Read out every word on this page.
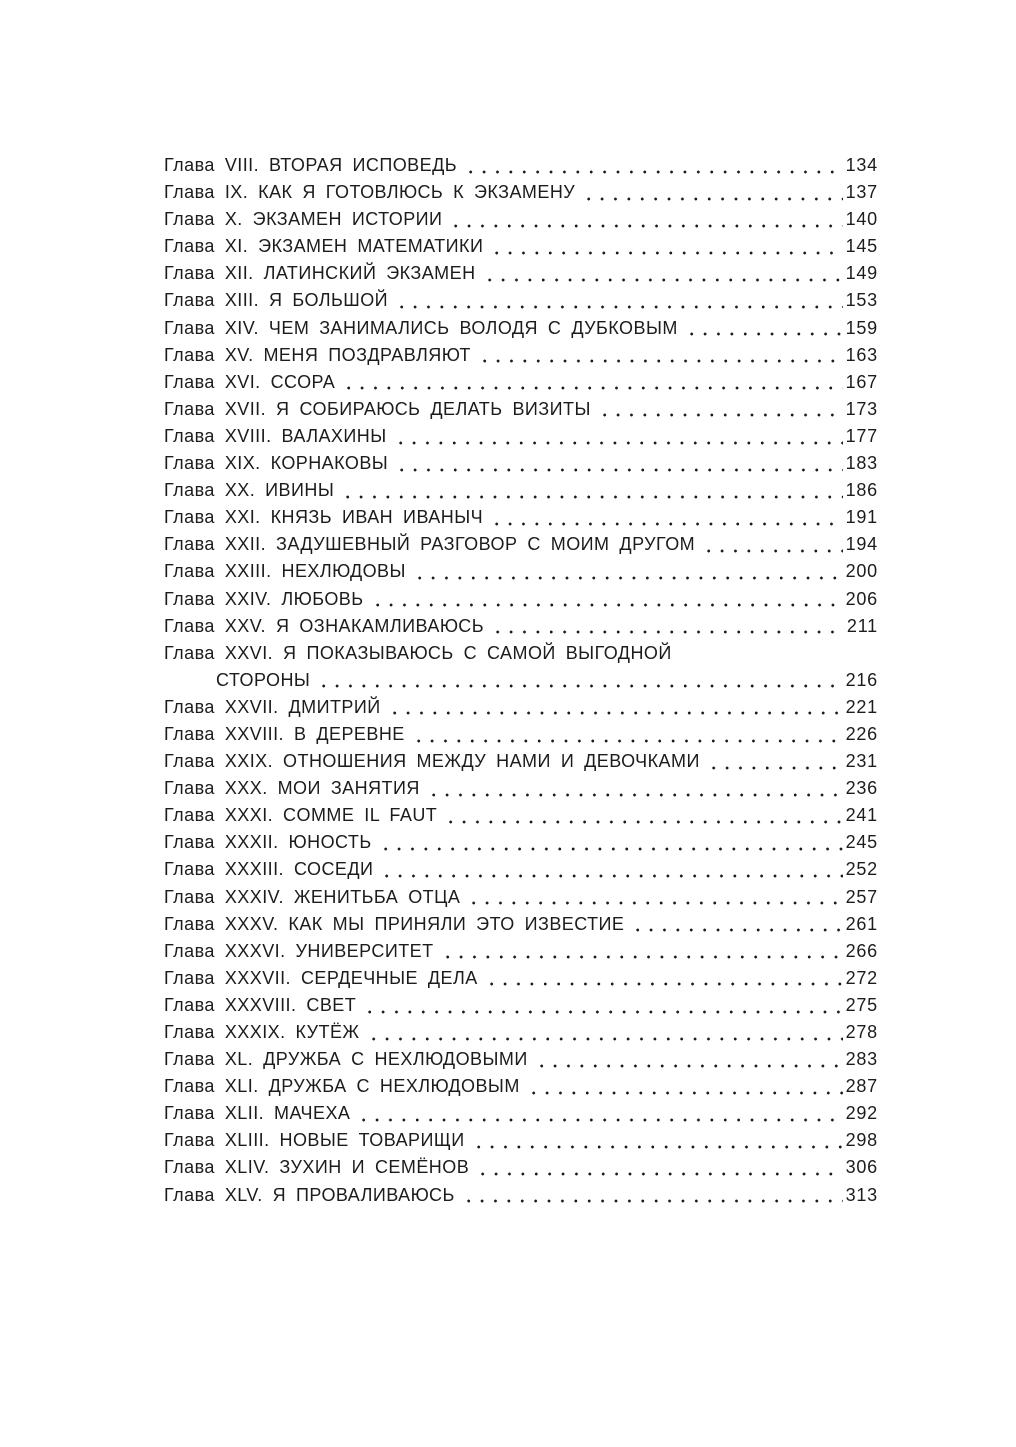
Глава VIII. ВТОРАЯ ИСПОВЕДЬ	134
Глава IX. КАК Я ГОТОВЛЮСЬ К ЭКЗАМЕНУ	137
Глава X. ЭКЗАМЕН ИСТОРИИ	140
Глава XI. ЭКЗАМЕН МАТЕМАТИКИ	145
Глава XII. ЛАТИНСКИЙ ЭКЗАМЕН	149
Глава XIII. Я БОЛЬШОЙ	153
Глава XIV. ЧЕМ ЗАНИМАЛИСЬ ВОЛОДЯ С ДУБКОВЫМ	159
Глава XV. МЕНЯ ПОЗДРАВЛЯЮТ	163
Глава XVI. ССОРА	167
Глава XVII. Я СОБИРАЮСЬ ДЕЛАТЬ ВИЗИТЫ	173
Глава XVIII. ВАЛАХИНЫ	177
Глава XIX. КОРНАКОВЫ	183
Глава XX. ИВИНЫ	186
Глава XXI. КНЯЗЬ ИВАН ИВАНЫЧ	191
Глава XXII. ЗАДУШЕВНЫЙ РАЗГОВОР С МОИМ ДРУГОМ	194
Глава XXIII. НЕХЛЮДОВЫ	200
Глава XXIV. ЛЮБОВЬ	206
Глава XXV. Я ОЗНАКАМЛИВАЮСЬ	211
Глава XXVI. Я ПОКАЗЫВАЮСЬ С САМОЙ ВЫГОДНОЙ
СТОРОНЫ	216
Глава XXVII. ДМИТРИЙ	221
Глава XXVIII. В ДЕРЕВНЕ	226
Глава XXIX. ОТНОШЕНИЯ МЕЖДУ НАМИ И ДЕВОЧКАМИ	231
Глава XXX. МОИ ЗАНЯТИЯ	236
Глава XXXI. COMME IL FAUT	241
Глава XXXII. ЮНОСТЬ	245
Глава XXXIII. СОСЕДИ	252
Глава XXXIV. ЖЕНИТЬБА ОТЦА	257
Глава XXXV. КАК МЫ ПРИНЯЛИ ЭТО ИЗВЕСТИЕ	261
Глава XXXVI. УНИВЕРСИТЕТ	266
Глава XXXVII. СЕРДЕЧНЫЕ ДЕЛА	272
Глава XXXVIII. СВЕТ	275
Глава XXXIX. КУТЁЖ	278
Глава XL. ДРУЖБА С НЕХЛЮДОВЫМИ	283
Глава XLI. ДРУЖБА С НЕХЛЮДОВЫМ	287
Глава XLII. МАЧЕХА	292
Глава XLIII. НОВЫЕ ТОВАРИЩИ	298
Глава XLIV. ЗУХИН И СЕМЁНОВ	306
Глава XLV. Я ПРОВАЛИВАЮСЬ	313
